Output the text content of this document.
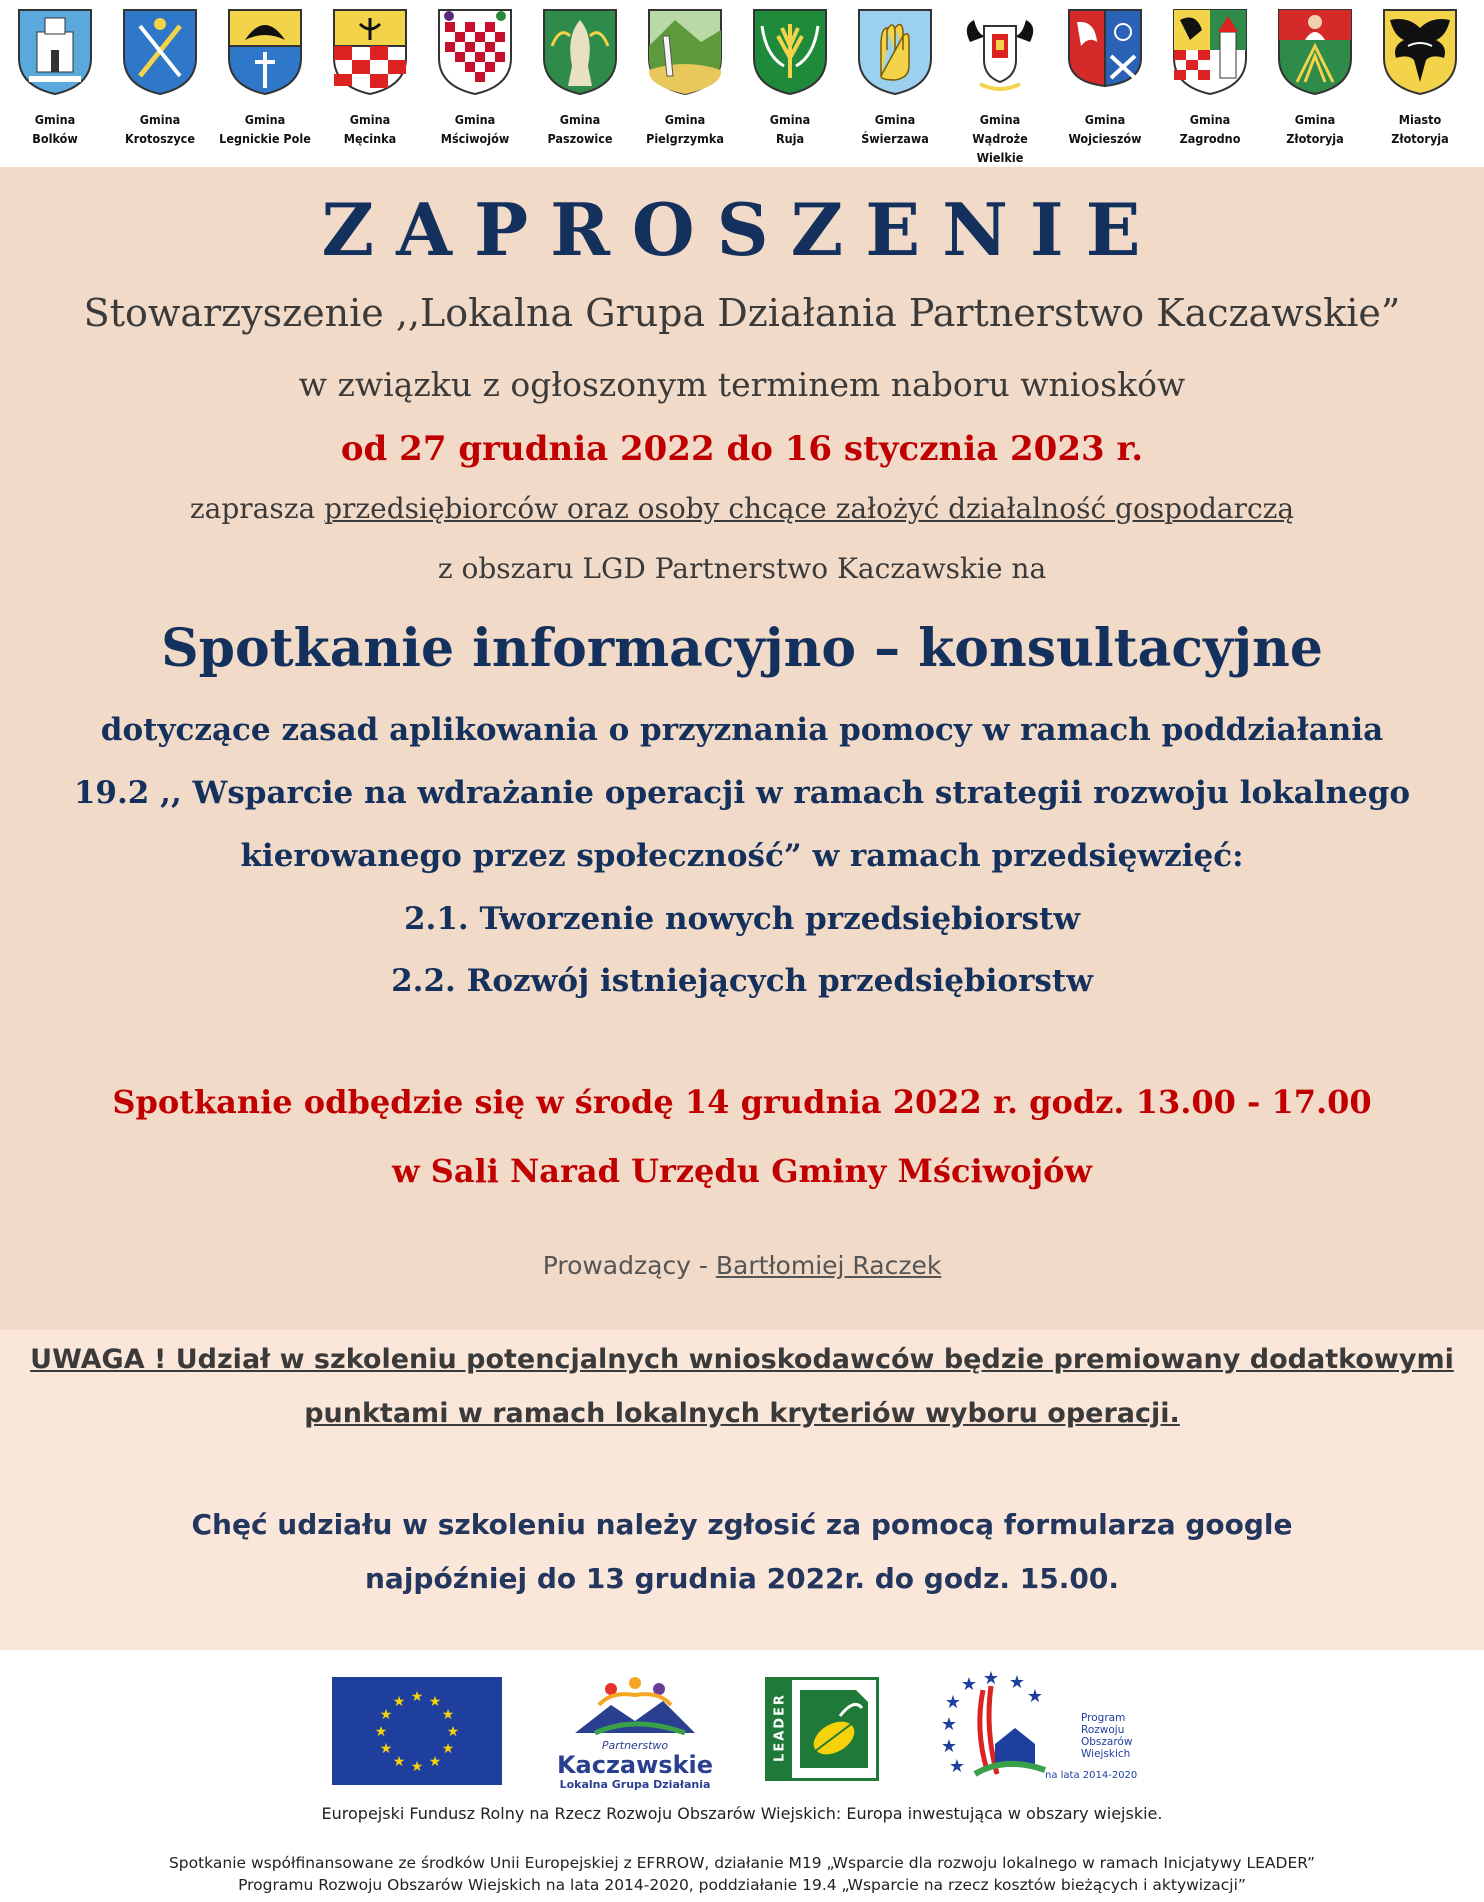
Gmina
Bolków
Gmina
Krotoszyce
Gmina
Legnickie Pole
Gmina
Męcinka
Gmina
Mściwojów
Gmina
Paszowice
Gmina
Pielgrzymka
Gmina
Ruja
Gmina
Świerzawa
Gmina
Wądroże Wielkie
Gmina
Wojcieszów
Gmina
Zagrodno
Gmina
Złotoryja
Miasto
Złotoryja
ZAPROSZENIE
Stowarzyszenie ,,Lokalna Grupa Działania Partnerstwo Kaczawskie”
w związku z ogłoszonym terminem naboru wniosków
od 27 grudnia 2022 do 16 stycznia 2023 r.
zaprasza przedsiębiorców oraz osoby chcące założyć działalność gospodarczą
z obszaru LGD Partnerstwo Kaczawskie na
Spotkanie informacyjno – konsultacyjne
dotyczące zasad aplikowania o przyznania pomocy w ramach poddziałania
19.2 ,, Wsparcie na wdrażanie operacji w ramach strategii rozwoju lokalnego
kierowanego przez społeczność” w ramach przedsięwzięć:
2.1. Tworzenie nowych przedsiębiorstw
2.2. Rozwój istniejących przedsiębiorstw
Spotkanie odbędzie się w środę 14 grudnia 2022 r. godz. 13.00 - 17.00
w Sali Narad Urzędu Gminy Mściwojów
Prowadzący - Bartłomiej Raczek
UWAGA ! Udział w szkoleniu potencjalnych wnioskodawców będzie premiowany dodatkowymi
punktami w ramach lokalnych kryteriów wyboru operacji.
Chęć udziału w szkoleniu należy zgłosić za pomocą formularza google
najpóźniej do 13 grudnia 2022r. do godz. 15.00.
★ ★
★
★
★
★
★
★
★
★
★
★
Partnerstwo
Kaczawskie
Lokalna Grupa Działania
LEADER	★
★
★ ★ ★
★
★
★
Program
Rozwoju
Obszarów
Wiejskich
na lata 2014-2020
Europejski Fundusz Rolny na Rzecz Rozwoju Obszarów Wiejskich: Europa inwestująca w obszary wiejskie.
Spotkanie współfinansowane ze środków Unii Europejskiej z EFRROW, działanie M19 „Wsparcie dla rozwoju lokalnego w ramach Inicjatywy LEADER”
Programu Rozwoju Obszarów Wiejskich na lata 2014-2020, poddziałanie 19.4 „Wsparcie na rzecz kosztów bieżących i aktywizacji”
